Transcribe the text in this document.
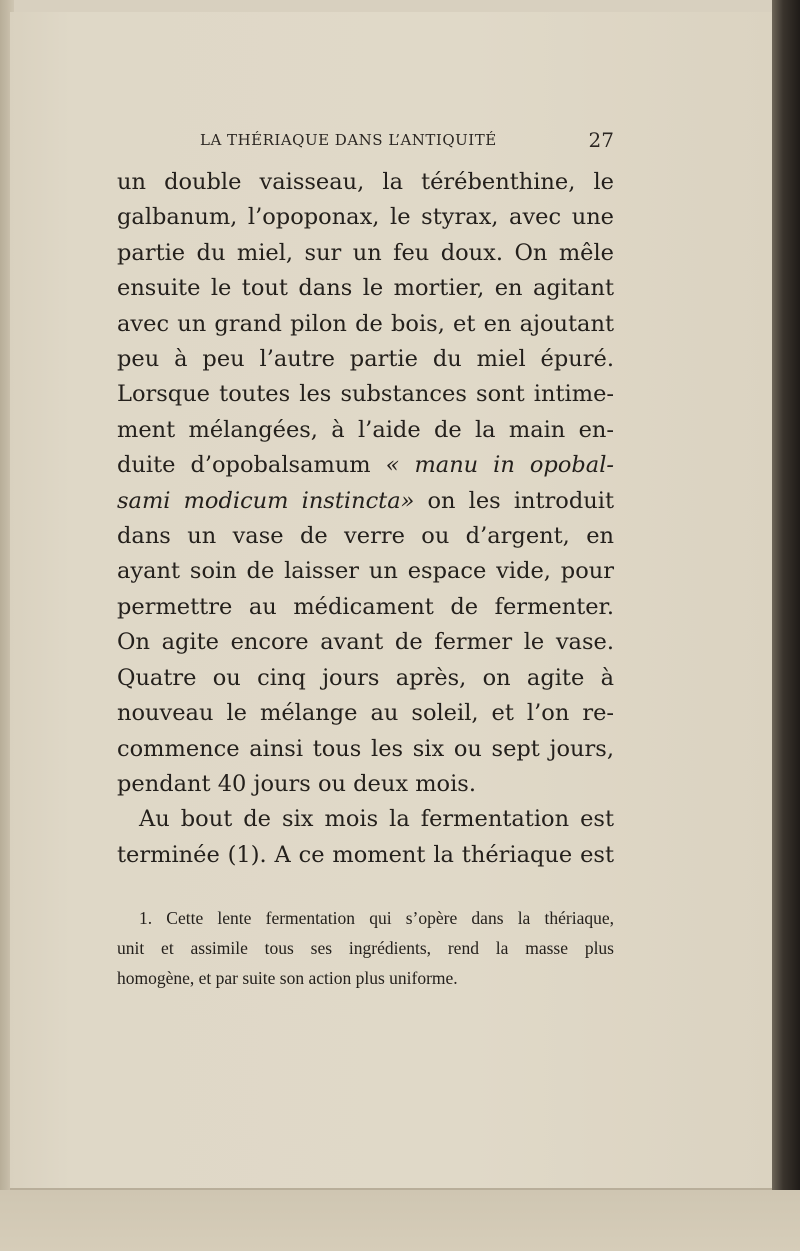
LA THÉRIAQUE DANS L’ANTIQUITÉ	27
un double vaisseau, la térébenthine, le
galbanum, l’opoponax, le styrax, avec une
partie du miel, sur un feu doux. On mêle
ensuite le tout dans le mortier, en agitant
avec un grand pilon de bois, et en ajoutant
peu à peu l’autre partie du miel épuré.
Lorsque toutes les substances sont intime-
ment mélangées, à l’aide de la main en-
duite d’opobalsamum « manu in opobal-
sami modicum instincta» on les introduit
dans un vase de verre ou d’argent, en
ayant soin de laisser un espace vide, pour
permettre au médicament de fermenter.
On agite encore avant de fermer le vase.
Quatre ou cinq jours après, on agite à
nouveau le mélange au soleil, et l’on re-
commence ainsi tous les six ou sept jours,
pendant 40 jours ou deux mois.
Au bout de six mois la fermentation est
terminée (1). A ce moment la thériaque est
1. Cette lente fermentation qui s’opère dans la thériaque,
unit et assimile tous ses ingrédients, rend la masse plus
homogène, et par suite son action plus uniforme.
